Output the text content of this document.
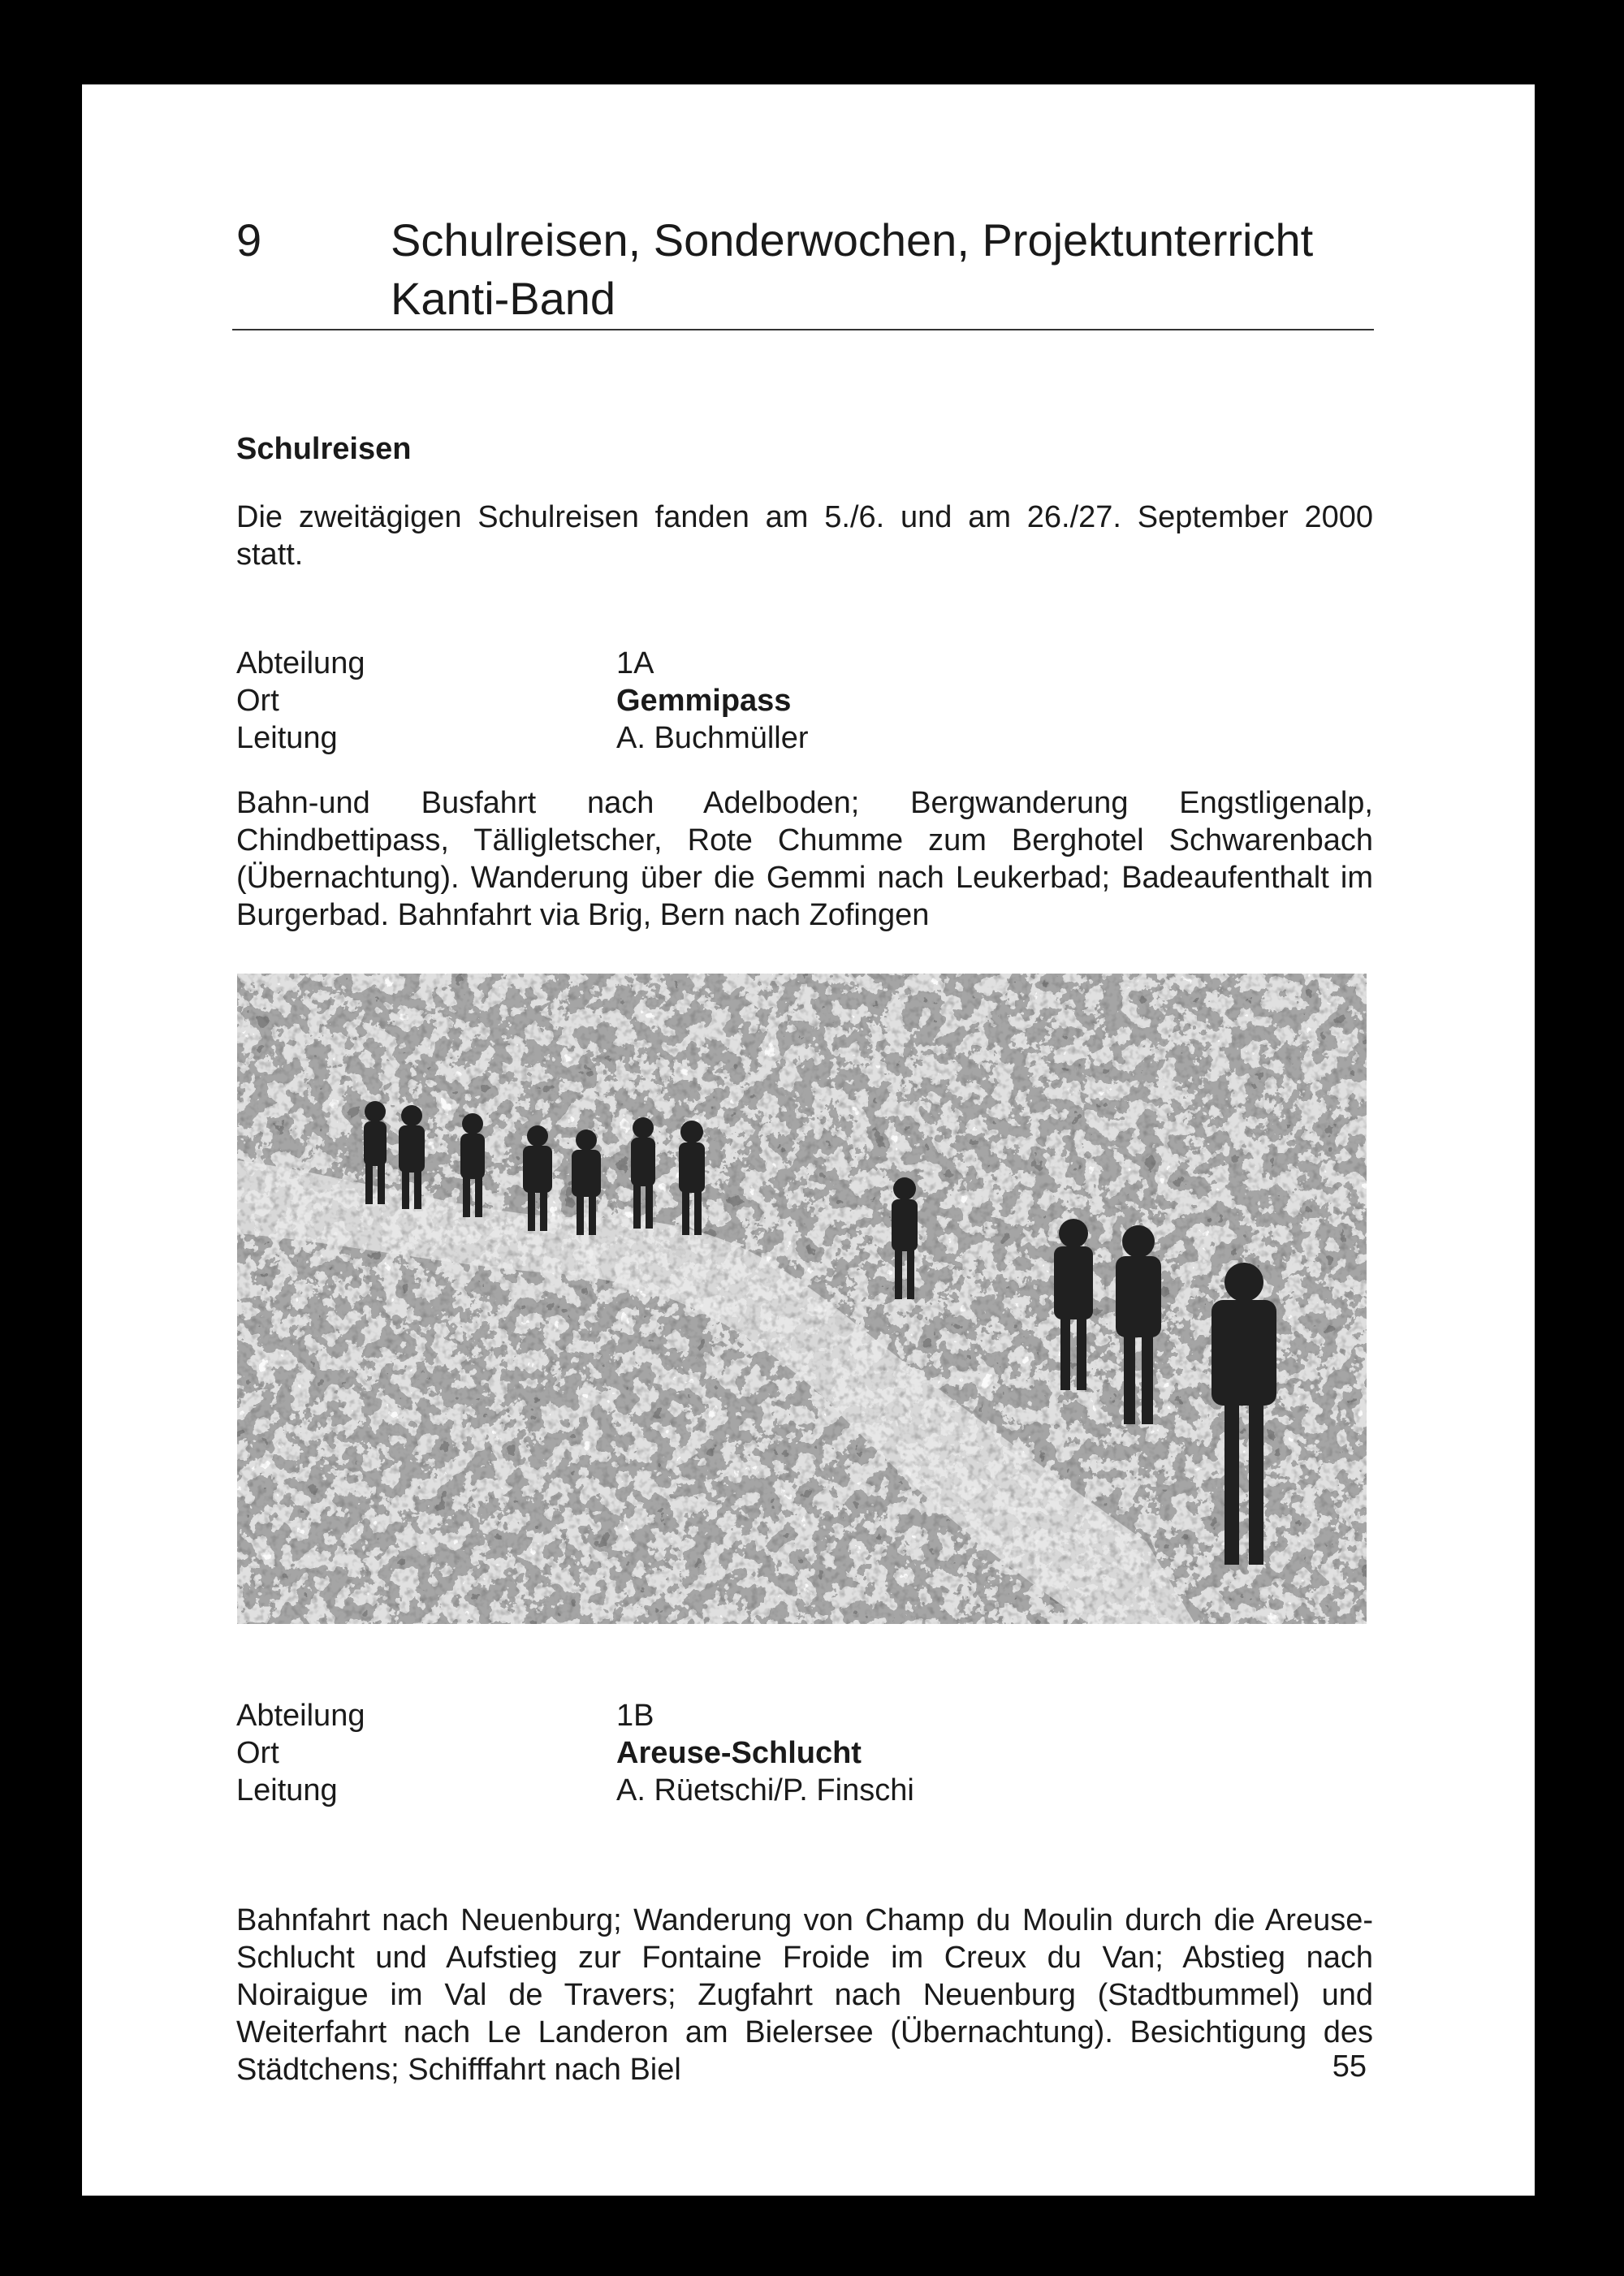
9	Schulreisen, Sonderwochen, Projektunterricht
Kanti-Band
Schulreisen
Die zweitägigen Schulreisen fanden am 5./6. und am 26./27. September 2000 statt.
Abteilung	1A
Ort	Gemmipass
Leitung	A. Buchmüller
Bahn-und Busfahrt nach Adelboden; Bergwanderung Engstligenalp, Chindbettipass, Tälligletscher, Rote Chumme zum Berghotel Schwarenbach (Übernachtung). Wanderung über die Gemmi nach Leukerbad; Badeaufenthalt im Burgerbad. Bahnfahrt via Brig, Bern nach Zofingen
Abteilung	1B
Ort	Areuse-Schlucht
Leitung	A. Rüetschi/P. Finschi
Bahnfahrt nach Neuenburg; Wanderung von Champ du Moulin durch die Areuse-Schlucht und Aufstieg zur Fontaine Froide im Creux du Van; Abstieg nach Noiraigue im Val de Travers; Zugfahrt nach Neuenburg (Stadtbummel) und Weiterfahrt nach Le Landeron am Bielersee (Übernachtung). Besichtigung des Städtchens; Schifffahrt nach Biel	55
